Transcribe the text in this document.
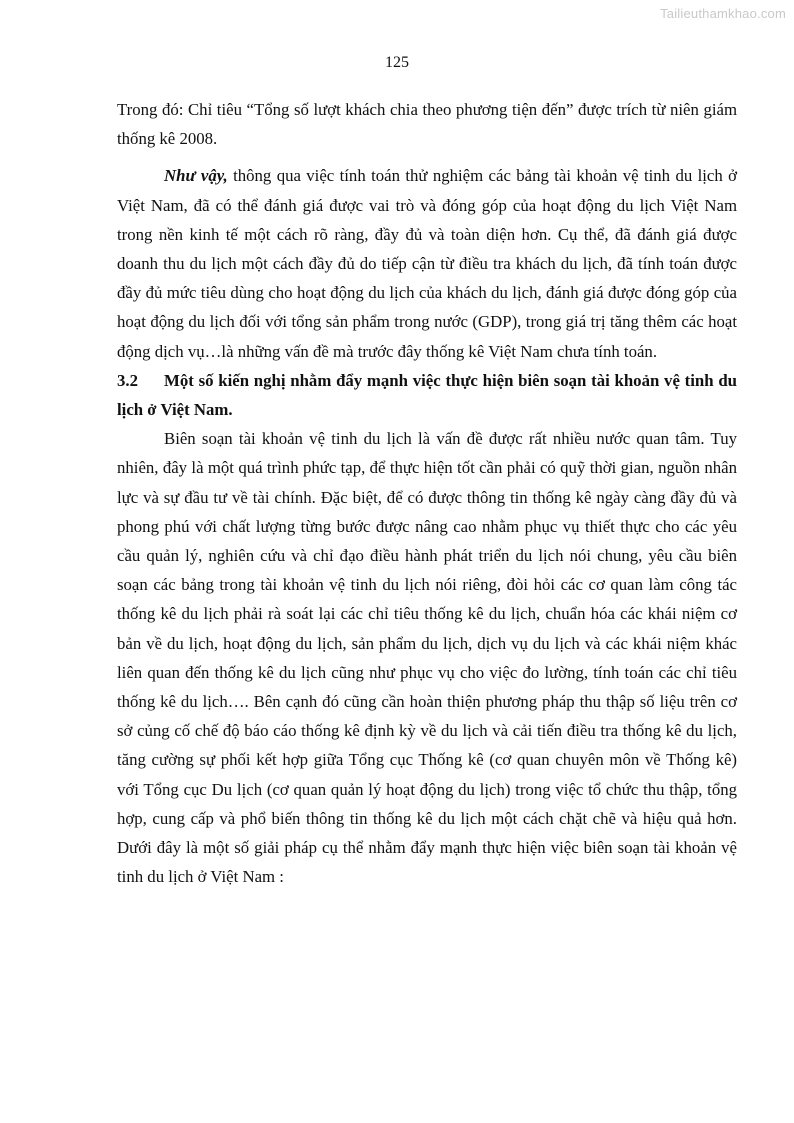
Tailieuthamkhao.com
125

Trong đó: Chỉ tiêu “Tổng số lượt khách chia theo phương tiện đến” được trích từ niên giám thống kê 2008.

Như vậy, thông qua việc tính toán thử nghiệm các bảng tài khoản vệ tinh du lịch ở Việt Nam, đã có thể đánh giá được vai trò và đóng góp của hoạt động du lịch Việt Nam trong nền kinh tế một cách rõ ràng, đầy đủ và toàn diện hơn. Cụ thể, đã đánh giá được doanh thu du lịch một cách đầy đủ do tiếp cận từ điều tra khách du lịch, đã tính toán được đầy đủ mức tiêu dùng cho hoạt động du lịch của khách du lịch, đánh giá được đóng góp của hoạt động du lịch đối với tổng sản phẩm trong nước (GDP), trong giá trị tăng thêm các hoạt động dịch vụ…là những vấn đề mà trước đây thống kê Việt Nam chưa tính toán.

3.2 Một số kiến nghị nhằm đẩy mạnh việc thực hiện biên soạn tài khoản vệ tinh du lịch ở Việt Nam.

Biên soạn tài khoản vệ tinh du lịch là vấn đề được rất nhiều nước quan tâm. Tuy nhiên, đây là một quá trình phức tạp, để thực hiện tốt cần phải có quỹ thời gian, nguồn nhân lực và sự đầu tư về tài chính. Đặc biệt, để có được thông tin thống kê ngày càng đầy đủ và phong phú với chất lượng từng bước được nâng cao nhằm phục vụ thiết thực cho các yêu cầu quản lý, nghiên cứu và chỉ đạo điều hành phát triển du lịch nói chung, yêu cầu biên soạn các bảng trong tài khoản vệ tinh du lịch nói riêng, đòi hỏi các cơ quan làm công tác thống kê du lịch phải rà soát lại các chỉ tiêu thống kê du lịch, chuẩn hóa các khái niệm cơ bản về du lịch, hoạt động du lịch, sản phẩm du lịch, dịch vụ du lịch và các khái niệm khác liên quan đến thống kê du lịch cũng như phục vụ cho việc đo lường, tính toán các chỉ tiêu thống kê du lịch…. Bên cạnh đó cũng cần hoàn thiện phương pháp thu thập số liệu trên cơ sở củng cố chế độ báo cáo thống kê định kỳ về du lịch và cải tiến điều tra thống kê du lịch, tăng cường sự phối kết hợp giữa Tổng cục Thống kê (cơ quan chuyên môn về Thống kê) với Tổng cục Du lịch (cơ quan quản lý hoạt động du lịch) trong việc tổ chức thu thập, tổng hợp, cung cấp và phổ biến thông tin thống kê du lịch một cách chặt chẽ và hiệu quả hơn. Dưới đây là một số giải pháp cụ thể nhằm đẩy mạnh thực hiện việc biên soạn tài khoản vệ tinh du lịch ở Việt Nam :
